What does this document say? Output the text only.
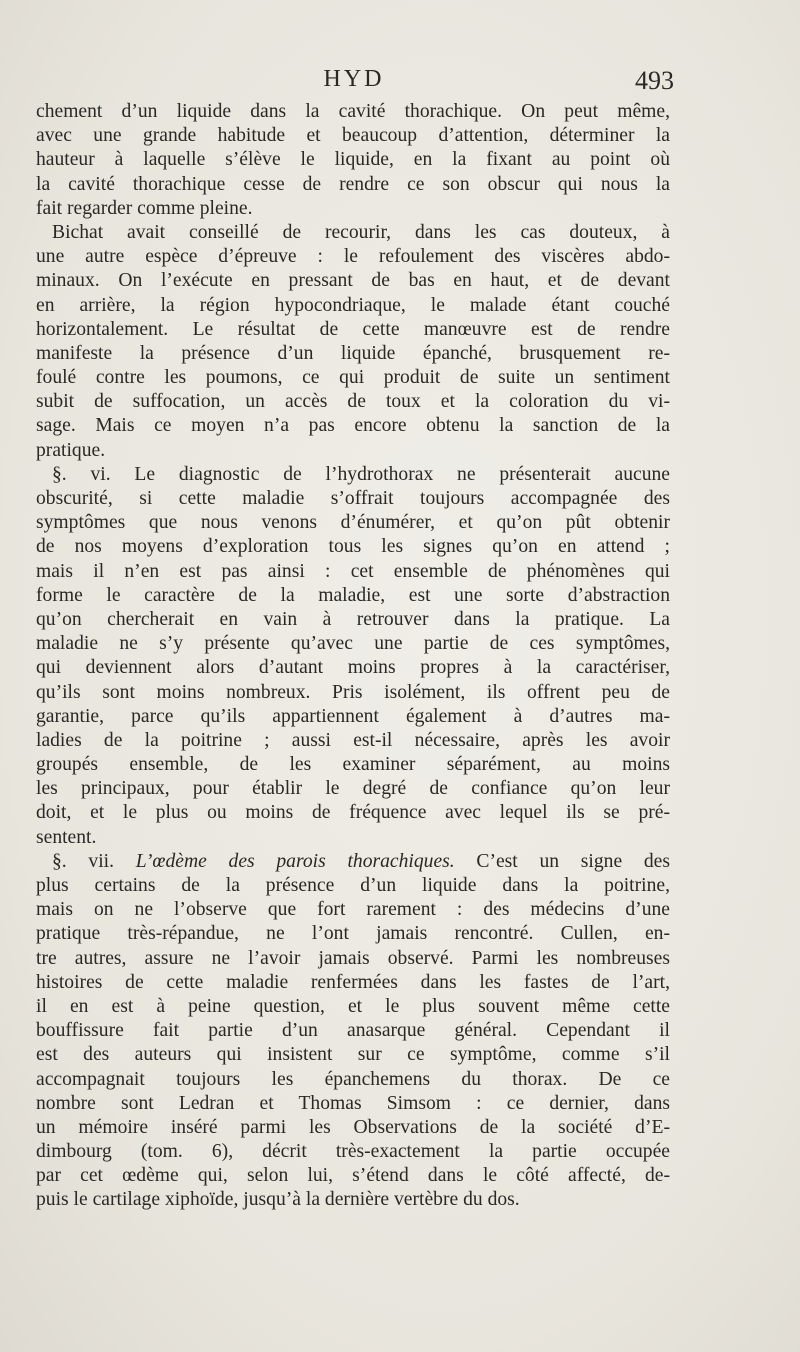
HYD	493
chement d’un liquide dans la cavité thorachique. On peut même,
avec une grande habitude et beaucoup d’attention, déterminer la
hauteur à laquelle s’élève le liquide, en la fixant au point où
la cavité thorachique cesse de rendre ce son obscur qui nous la
fait regarder comme pleine.
Bichat avait conseillé de recourir, dans les cas douteux, à
une autre espèce d’épreuve : le refoulement des viscères abdo-
minaux. On l’exécute en pressant de bas en haut, et de devant
en arrière, la région hypocondriaque, le malade étant couché
horizontalement. Le résultat de cette manœuvre est de rendre
manifeste la présence d’un liquide épanché, brusquement re-
foulé contre les poumons, ce qui produit de suite un sentiment
subit de suffocation, un accès de toux et la coloration du vi-
sage. Mais ce moyen n’a pas encore obtenu la sanction de la
pratique.
§. vi. Le diagnostic de l’hydrothorax ne présenterait aucune
obscurité, si cette maladie s’offrait toujours accompagnée des
symptômes que nous venons d’énumérer, et qu’on pût obtenir
de nos moyens d’exploration tous les signes qu’on en attend ;
mais il n’en est pas ainsi : cet ensemble de phénomènes qui
forme le caractère de la maladie, est une sorte d’abstraction
qu’on chercherait en vain à retrouver dans la pratique. La
maladie ne s’y présente qu’avec une partie de ces symptômes,
qui deviennent alors d’autant moins propres à la caractériser,
qu’ils sont moins nombreux. Pris isolément, ils offrent peu de
garantie, parce qu’ils appartiennent également à d’autres ma-
ladies de la poitrine ; aussi est-il nécessaire, après les avoir
groupés ensemble, de les examiner séparément, au moins
les principaux, pour établir le degré de confiance qu’on leur
doit, et le plus ou moins de fréquence avec lequel ils se pré-
sentent.
§. vii. L’œdème des parois thorachiques. C’est un signe des
plus certains de la présence d’un liquide dans la poitrine,
mais on ne l’observe que fort rarement : des médecins d’une
pratique très-répandue, ne l’ont jamais rencontré. Cullen, en-
tre autres, assure ne l’avoir jamais observé. Parmi les nombreuses
histoires de cette maladie renfermées dans les fastes de l’art,
il en est à peine question, et le plus souvent même cette
bouffissure fait partie d’un anasarque général. Cependant il
est des auteurs qui insistent sur ce symptôme, comme s’il
accompagnait toujours les épanchemens du thorax. De ce
nombre sont Ledran et Thomas Simsom : ce dernier, dans
un mémoire inséré parmi les Observations de la société d’E-
dimbourg (tom. 6), décrit très-exactement la partie occupée
par cet œdème qui, selon lui, s’étend dans le côté affecté, de-
puis le cartilage xiphoïde, jusqu’à la dernière vertèbre du dos.
